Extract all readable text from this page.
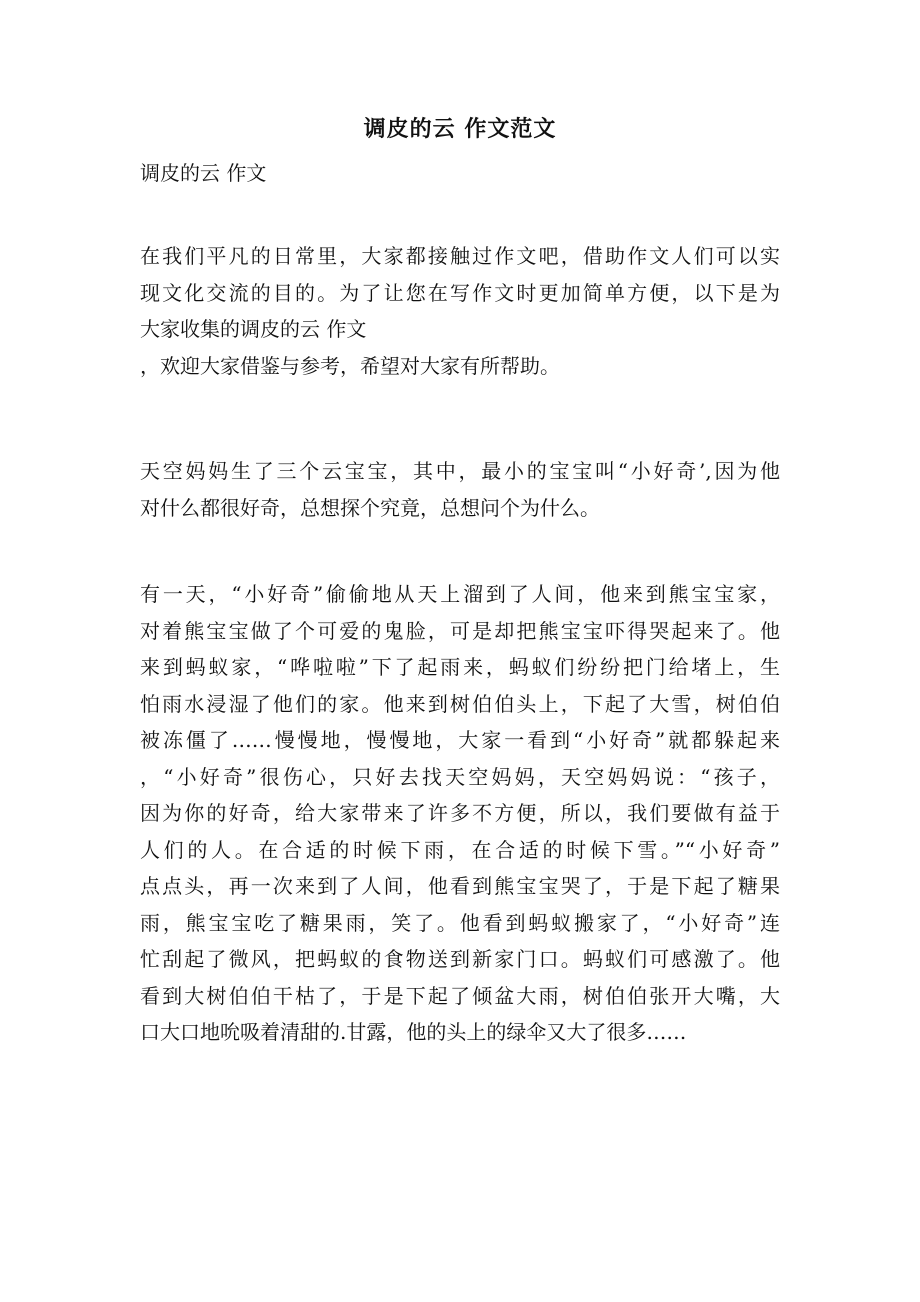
调皮的云 作文范文
调皮的云 作文
在我们平凡的日常里，大家都接触过作文吧，借助作文人们可以实
现文化交流的目的。为了让您在写作文时更加简单方便，以下是为
大家收集的调皮的云 作文
，欢迎大家借鉴与参考，希望对大家有所帮助。
天空妈妈生了三个云宝宝，其中，最小的宝宝叫“小好奇’,因为他
对什么都很好奇，总想探个究竟，总想问个为什么。
有一天，“小好奇”偷偷地从天上溜到了人间，他来到熊宝宝家，
对着熊宝宝做了个可爱的鬼脸，可是却把熊宝宝吓得哭起来了。他
来到蚂蚁家，“哗啦啦”下了起雨来，蚂蚁们纷纷把门给堵上，生
怕雨水浸湿了他们的家。他来到树伯伯头上，下起了大雪，树伯伯
被冻僵了……慢慢地，慢慢地，大家一看到“小好奇”就都躲起来
，“小好奇”很伤心，只好去找天空妈妈，天空妈妈说：“孩子，
因为你的好奇，给大家带来了许多不方便，所以，我们要做有益于
人们的人。在合适的时候下雨，在合适的时候下雪。”“小好奇”
点点头，再一次来到了人间，他看到熊宝宝哭了，于是下起了糖果
雨，熊宝宝吃了糖果雨，笑了。他看到蚂蚁搬家了，“小好奇”连
忙刮起了微风，把蚂蚁的食物送到新家门口。蚂蚁们可感激了。他
看到大树伯伯干枯了，于是下起了倾盆大雨，树伯伯张开大嘴，大
口大口地吮吸着清甜的.甘露，他的头上的绿伞又大了很多……
